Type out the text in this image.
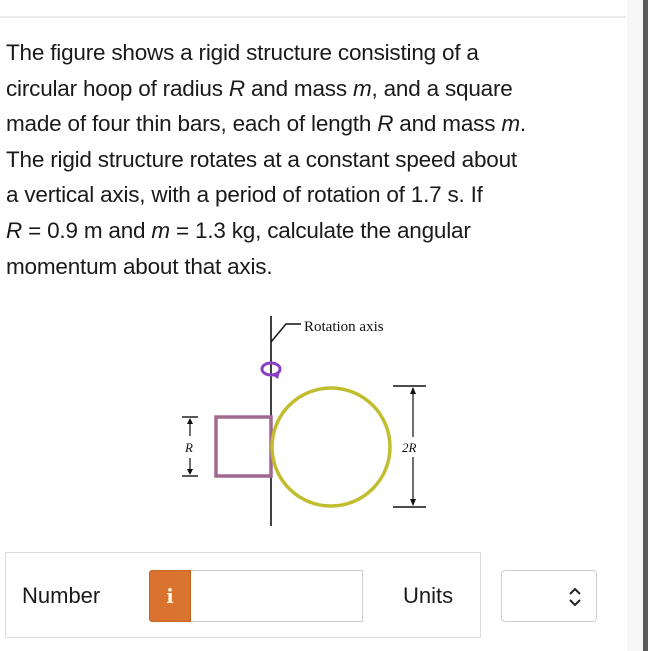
The figure shows a rigid structure consisting of a

circular hoop of radius R and mass m, and a square

made of four thin bars, each of length R and mass m.

The rigid structure rotates at a constant speed about

a vertical axis, with a period of rotation of 1.7 s. If

R = 0.9 m and m = 1.3 kg, calculate the angular

momentum about that axis.

Rotation axis
R	2R
Number	i	Units
